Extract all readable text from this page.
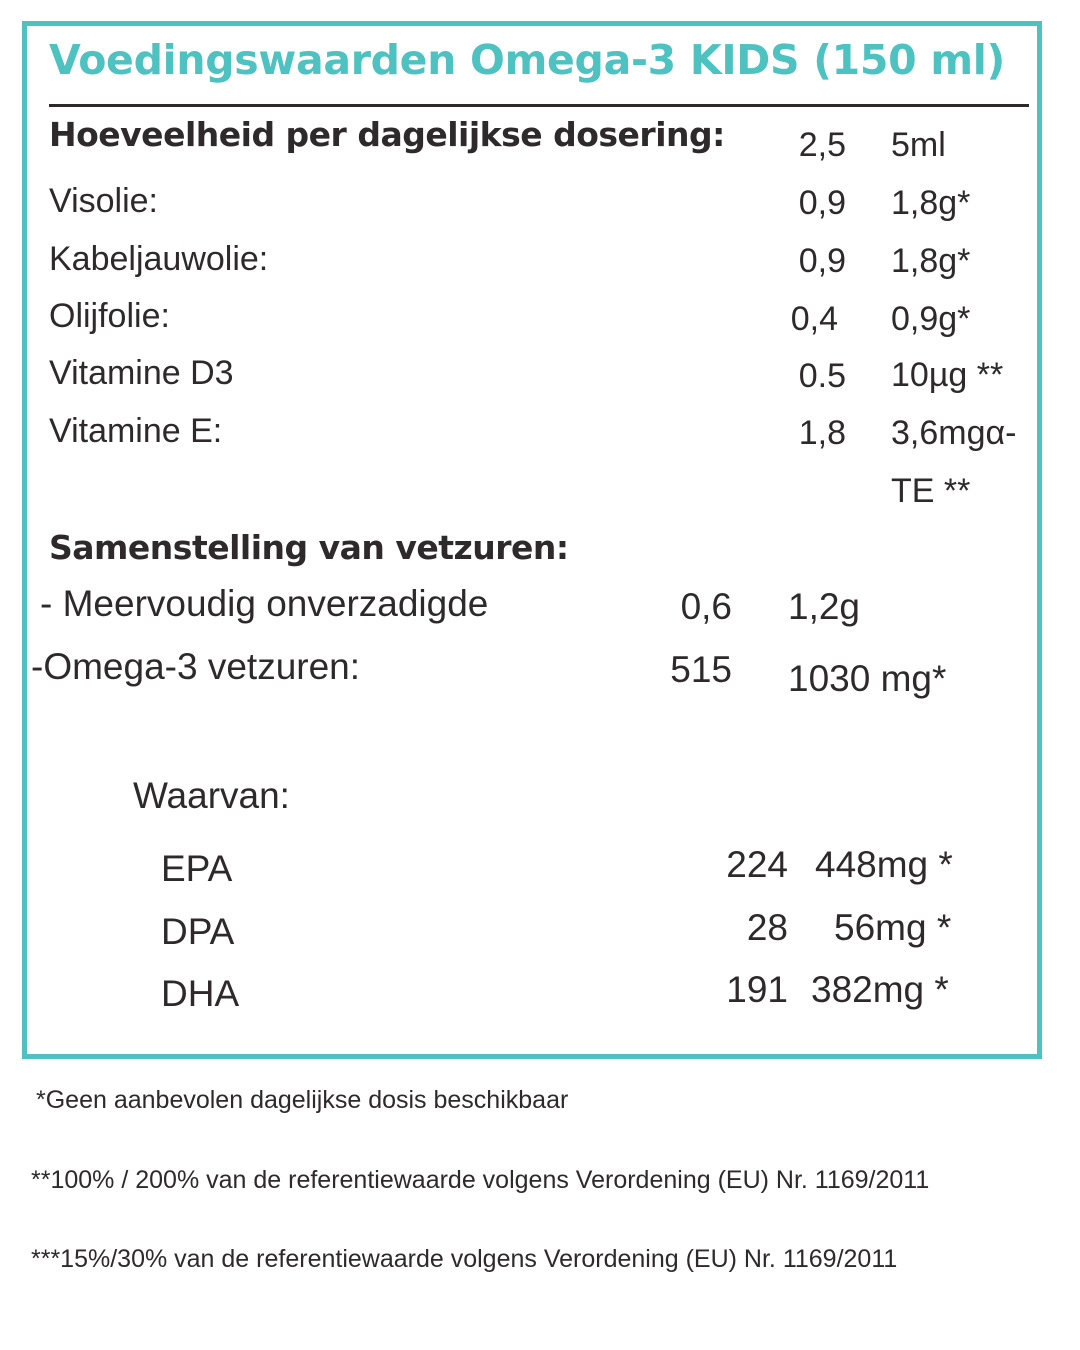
Voedingswaarden Omega-3 KIDS (150 ml)
Hoeveelheid per dagelijkse dosering:	2,5 5ml
Visolie:	0,9 1,8g*
Kabeljauwolie:	0,9 1,8g*
Olijfolie:	0,4 0,9g*
Vitamine D3	0.5 10µg **
Vitamine E:	1,8 3,6mgα-
TE **
Samenstelling van vetzuren:
- Meervoudig onverzadigde	0,6 1,2g
-Omega-3 vetzuren:	515 1030 mg*
Waarvan:
EPA	224 448mg *
DPA	28 56mg *
DHA	191 382mg *
*Geen aanbevolen dagelijkse dosis beschikbaar
**100% / 200% van de referentiewaarde volgens Verordening (EU) Nr. 1169/2011
***15%/30% van de referentiewaarde volgens Verordening (EU) Nr. 1169/2011
